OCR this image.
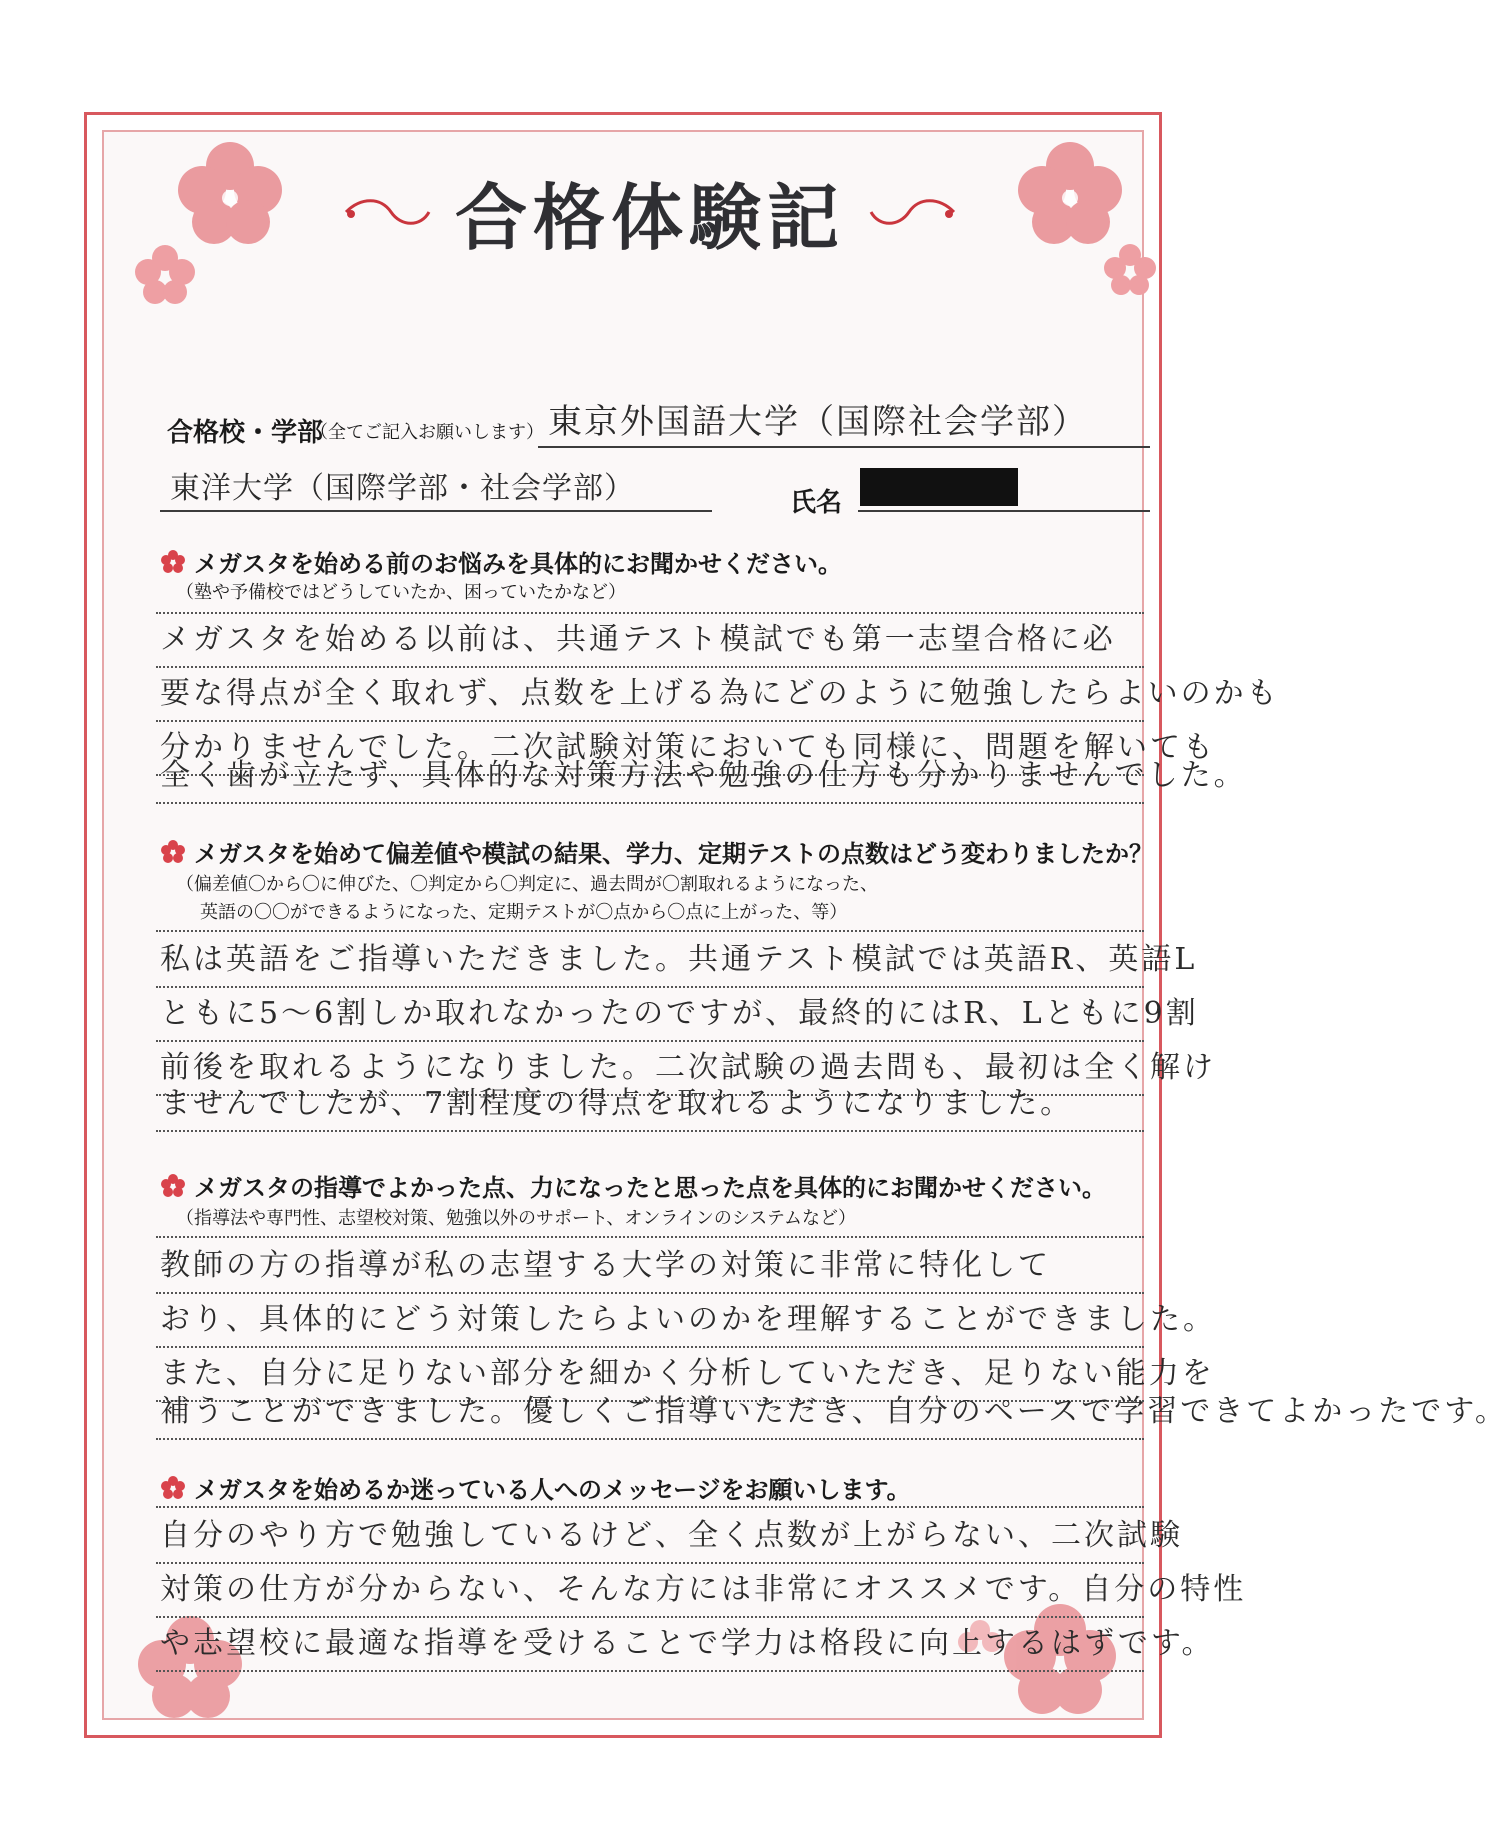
合格体験記
合格校・学部
（全てご記入お願いします） 東京外国語大学（国際社会学部）
東洋大学（国際学部・社会学部）	氏名
メガスタを始める前のお悩みを具体的にお聞かせください。
（塾や予備校ではどうしていたか、困っていたかなど）
メガスタを始める以前は、共通テスト模試でも第一志望合格に必
要な得点が全く取れず、点数を上げる為にどのように勉強したらよいのかも
分かりませんでした。二次試験対策においても同様に、問題を解いても
全く歯が立たず、具体的な対策方法や勉強の仕方も分かりませんでした。
メガスタを始めて偏差値や模試の結果、学力、定期テストの点数はどう変わりましたか？
（偏差値〇から〇に伸びた、〇判定から〇判定に、過去問が〇割取れるようになった、
英語の〇〇ができるようになった、定期テストが〇点から〇点に上がった、等）
私は英語をご指導いただきました。共通テスト模試では英語R、英語L
ともに5〜6割しか取れなかったのですが、最終的にはR、Lともに9割
前後を取れるようになりました。二次試験の過去問も、最初は全く解け
ませんでしたが、7割程度の得点を取れるようになりました。
メガスタの指導でよかった点、力になったと思った点を具体的にお聞かせください。
（指導法や専門性、志望校対策、勉強以外のサポート、オンラインのシステムなど）
教師の方の指導が私の志望する大学の対策に非常に特化して
おり、具体的にどう対策したらよいのかを理解することができました。
また、自分に足りない部分を細かく分析していただき、足りない能力を
補うことができました。優しくご指導いただき、自分のペースで学習できてよかったです。
メガスタを始めるか迷っている人へのメッセージをお願いします。
自分のやり方で勉強しているけど、全く点数が上がらない、二次試験
対策の仕方が分からない、そんな方には非常にオススメです。自分の特性
や志望校に最適な指導を受けることで学力は格段に向上するはずです。
